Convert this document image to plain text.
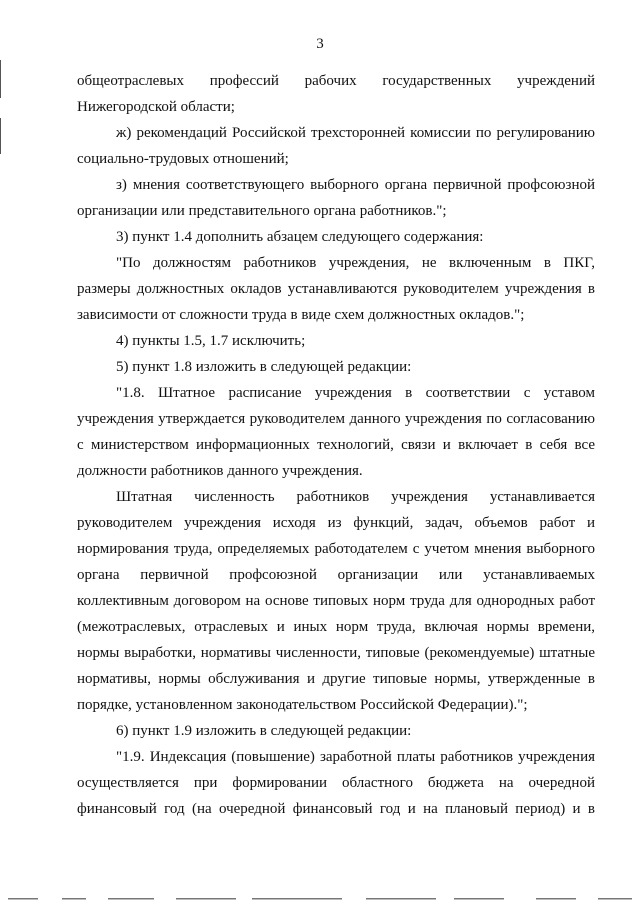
3
общеотраслевых профессий рабочих государственных учреждений
Нижегородской области;
ж) рекомендаций Российской трехсторонней комиссии по регулированию
социально-трудовых отношений;
з) мнения соответствующего выборного органа первичной профсоюзной
организации или представительного органа работников.";
3) пункт 1.4 дополнить абзацем следующего содержания:
"По должностям работников учреждения, не включенным в ПКГ,
размеры должностных окладов устанавливаются руководителем учреждения в
зависимости от сложности труда в виде схем должностных окладов.";
4) пункты 1.5, 1.7 исключить;
5) пункт 1.8 изложить в следующей редакции:
"1.8. Штатное расписание учреждения в соответствии с уставом
учреждения утверждается руководителем данного учреждения по согласованию
с министерством информационных технологий, связи и включает в себя все
должности работников данного учреждения.
Штатная численность работников учреждения устанавливается
руководителем учреждения исходя из функций, задач, объемов работ и
нормирования труда, определяемых работодателем с учетом мнения выборного
органа первичной профсоюзной организации или устанавливаемых
коллективным договором на основе типовых норм труда для однородных работ
(межотраслевых, отраслевых и иных норм труда, включая нормы времени,
нормы выработки, нормативы численности, типовые (рекомендуемые) штатные
нормативы, нормы обслуживания и другие типовые нормы, утвержденные в
порядке, установленном законодательством Российской Федерации).";
6) пункт 1.9 изложить в следующей редакции:
"1.9. Индексация (повышение) заработной платы работников учреждения
осуществляется при формировании областного бюджета на очередной
финансовый год (на очередной финансовый год и на плановый период) и в
